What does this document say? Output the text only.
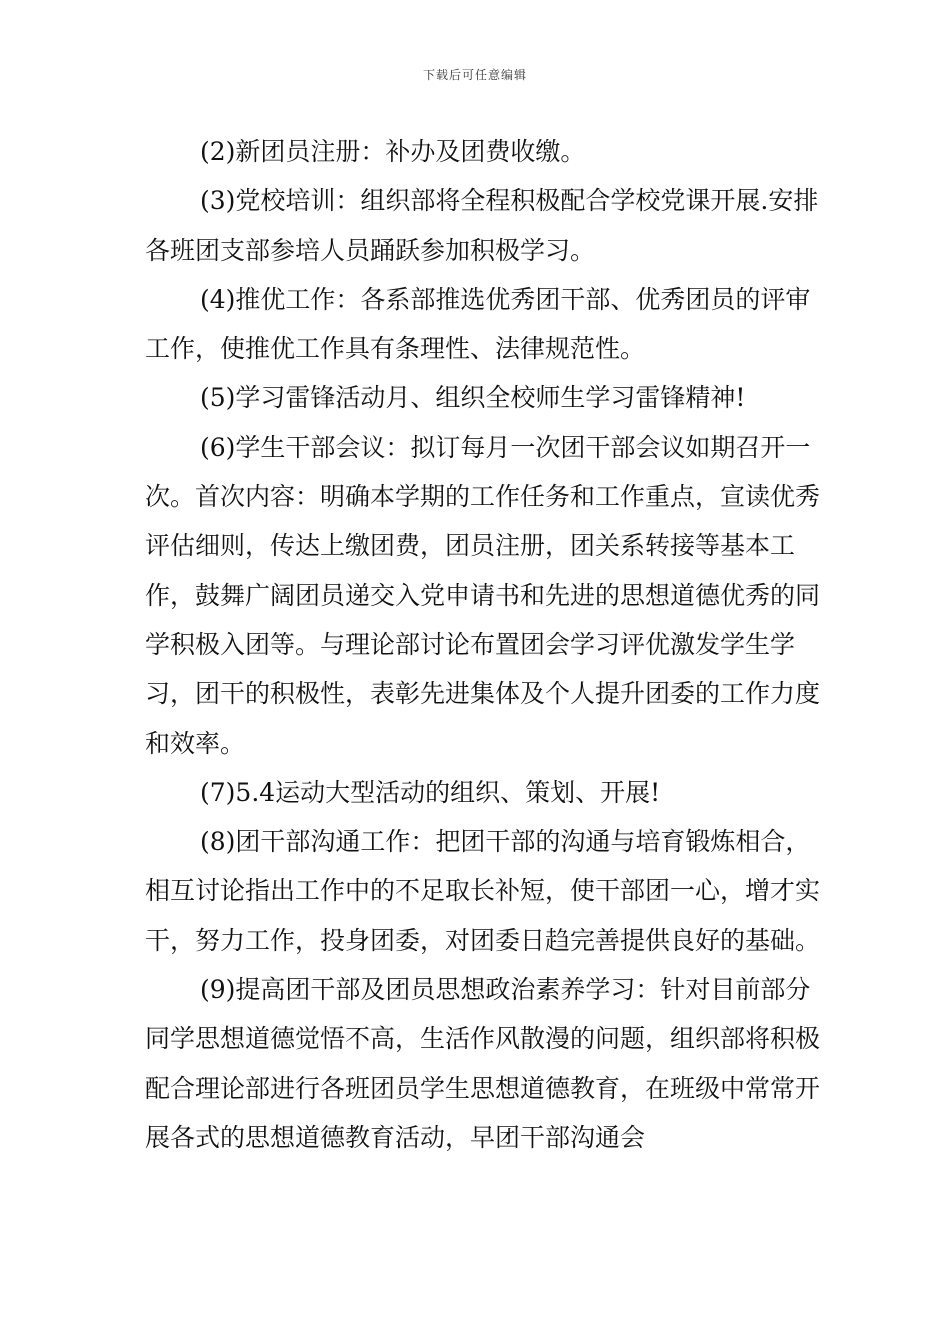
下载后可任意编辑

(2)新团员注册：补办及团费收缴。

(3)党校培训：组织部将全程积极配合学校党课开展.安排各班团支部参培人员踊跃参加积极学习。

(4)推优工作：各系部推选优秀团干部、优秀团员的评审工作，使推优工作具有条理性、法律规范性。

(5)学习雷锋活动月、组织全校师生学习雷锋精神!

(6)学生干部会议：拟订每月一次团干部会议如期召开一次。首次内容：明确本学期的工作任务和工作重点，宣读优秀评估细则，传达上缴团费，团员注册，团关系转接等基本工作，鼓舞广阔团员递交入党申请书和先进的思想道德优秀的同学积极入团等。与理论部讨论布置团会学习评优激发学生学习，团干的积极性，表彰先进集体及个人提升团委的工作力度和效率。

(7)5.4运动大型活动的组织、策划、开展!

(8)团干部沟通工作：把团干部的沟通与培育锻炼相合，相互讨论指出工作中的不足取长补短，使干部团一心，增才实干，努力工作，投身团委，对团委日趋完善提供良好的基础。

(9)提高团干部及团员思想政治素养学习：针对目前部分同学思想道德觉悟不高，生活作风散漫的问题，组织部将积极配合理论部进行各班团员学生思想道德教育，在班级中常常开展各式的思想道德教育活动，早团干部沟通会
